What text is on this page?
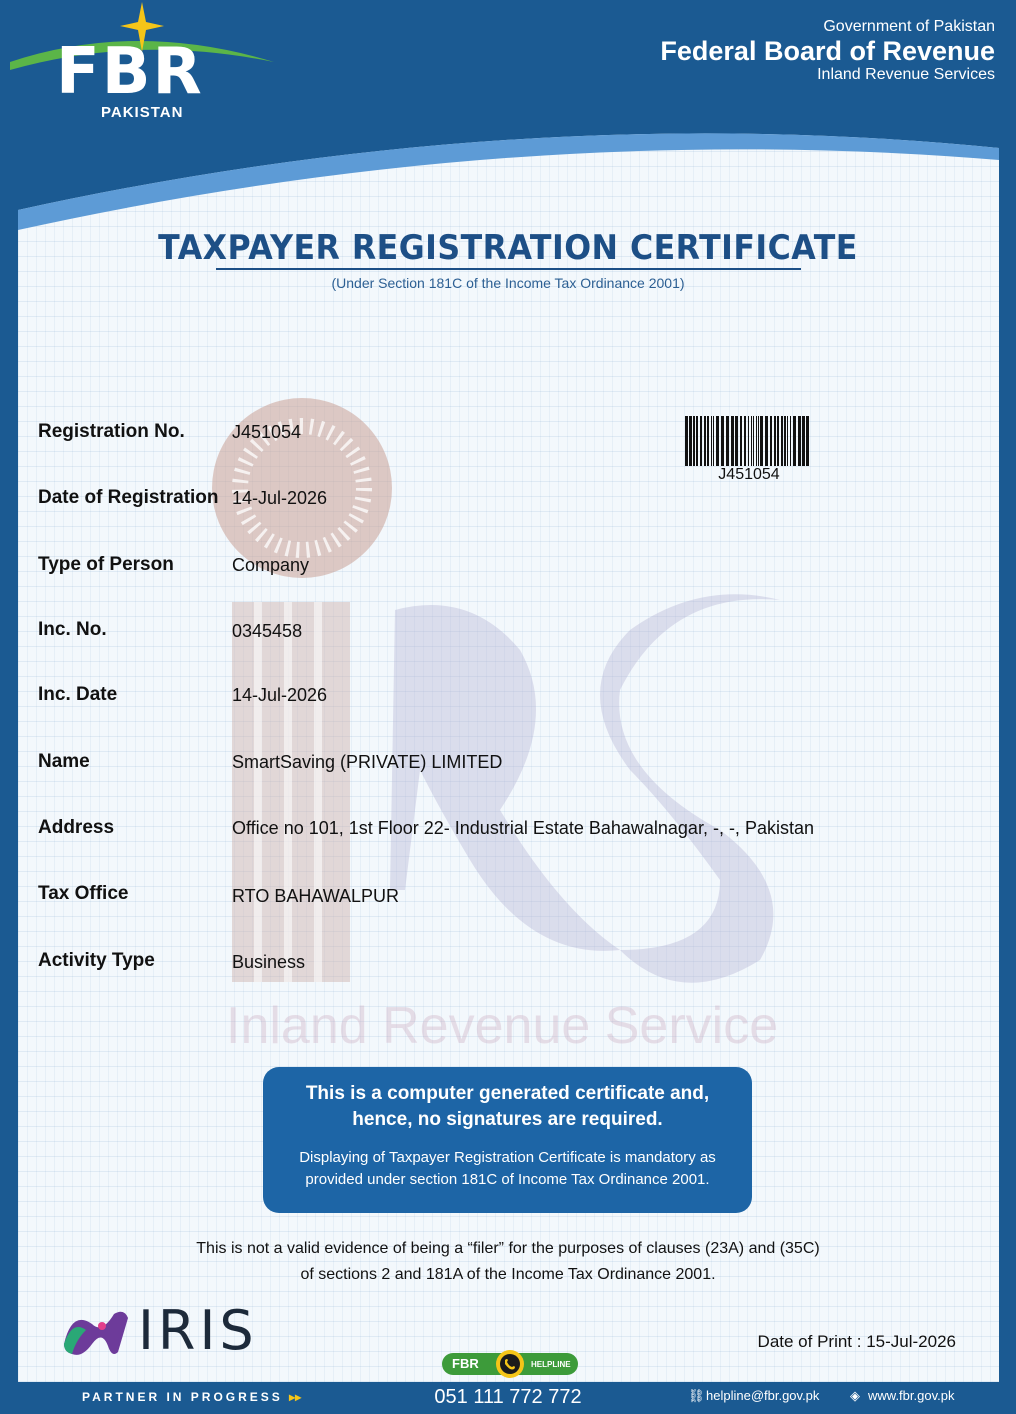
FBR
PAKISTAN
Government of Pakistan
Federal Board of Revenue
Inland Revenue Services
Inland Revenue Service
TAXPAYER REGISTRATION CERTIFICATE
(Under Section 181C of the Income Tax Ordinance 2001)
J451054
Registration No.	J451054
Date of Registration 14-Jul-2026
Type of Person	Company
Inc. No.	0345458
Inc. Date	14-Jul-2026
Name	SmartSaving (PRIVATE) LIMITED
Address	Office no 101, 1st Floor 22- Industrial Estate Bahawalnagar, -, -, Pakistan
Tax Office	RTO BAHAWALPUR
Activity Type	Business
This is a computer generated certificate and,
hence, no signatures are required.
Displaying of Taxpayer Registration Certificate is mandatory as
provided under section 181C of Income Tax Ordinance 2001.
This is not a valid evidence of being a “filer” for the purposes of clauses (23A) and (35C)
of sections 2 and 181A of the Income Tax Ordinance 2001.
IRIS	Date of Print : 15-Jul-2026
PARTNER IN PROGRESS ▸▸
FBR	HELPLINE
051 111 772 772	⛓helpline@fbr.gov.pk ◈ www.fbr.gov.pk
